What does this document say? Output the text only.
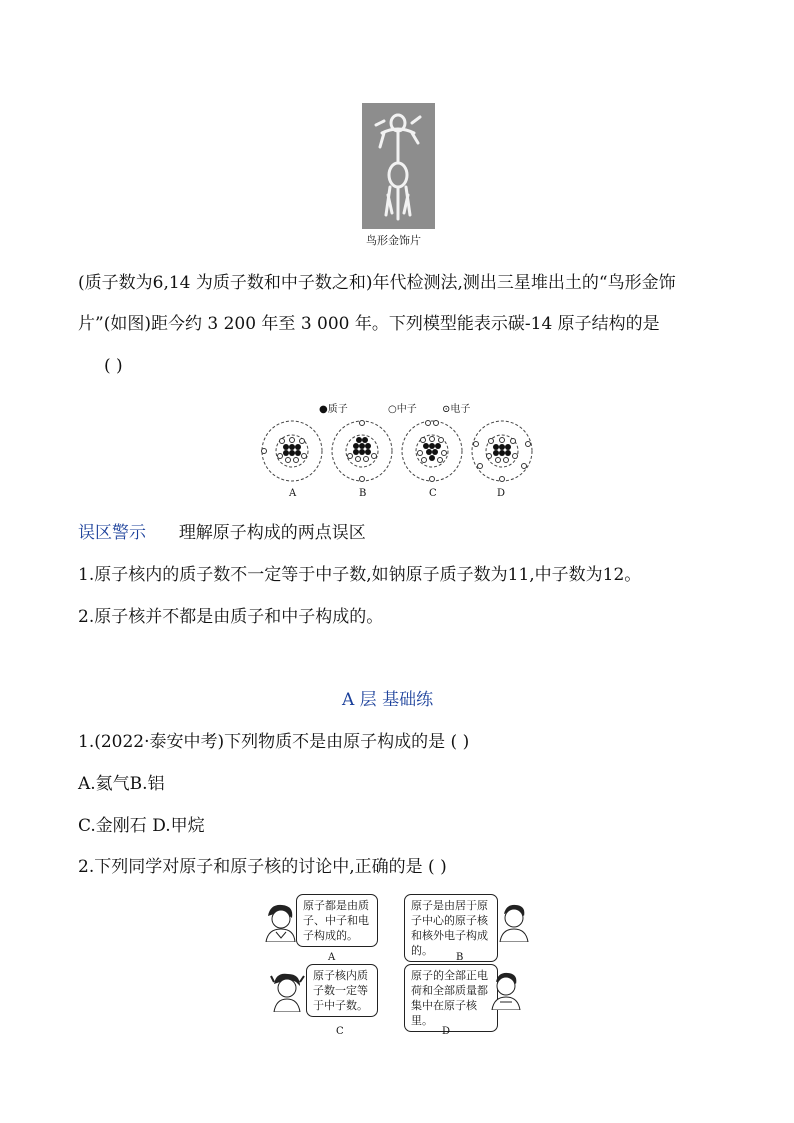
鸟形金饰片
(质子数为6,14 为质子数和中子数之和)年代检测法,测出三星堆出土的“鸟形金饰
片”(如图)距今约 3 200 年至 3 000 年。下列模型能表示碳-14 原子结构的是
( )
●质子	○中子	⊙电子
A	B	C	D
误区警示 理解原子构成的两点误区
1.原子核内的质子数不一定等于中子数,如钠原子质子数为11,中子数为12。
2.原子核并不都是由质子和中子构成的。
A 层 基础练
1.(2022·泰安中考)下列物质不是由原子构成的是 ( )
A.氦气B.铝
C.金刚石 D.甲烷
2.下列同学对原子和原子核的讨论中,正确的是 ( )
原子都是由质子、中子和电子构成的。
A
原子是由居于原子中心的原子核和核外电子构成的。
B
原子核内质子数一定等于中子数。
C
原子的全部正电荷和全部质量都集中在原子核里。
D
